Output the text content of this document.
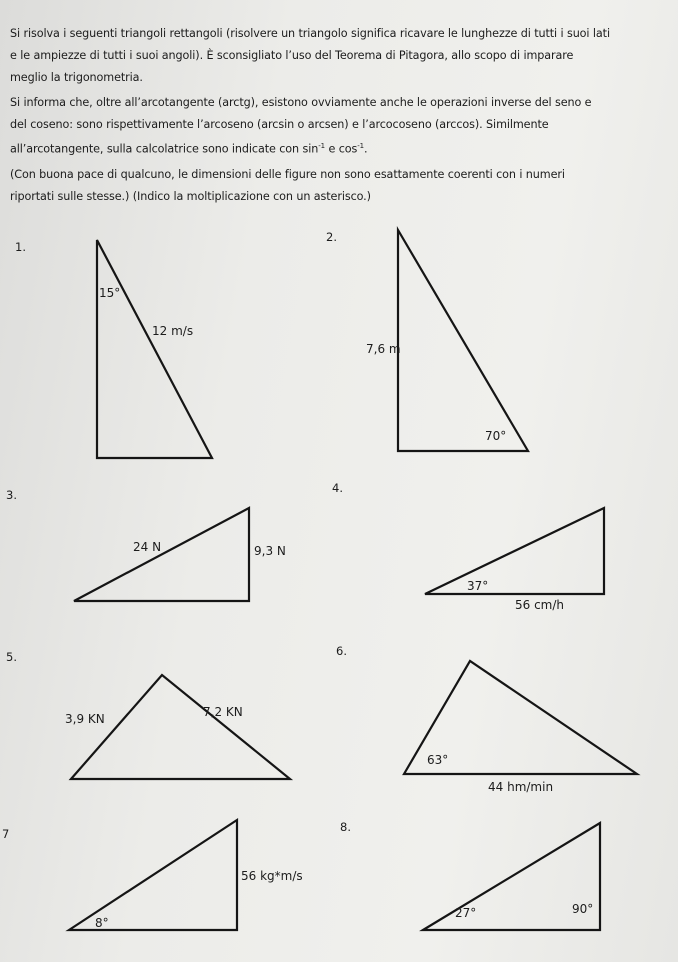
Si risolva i seguenti triangoli rettangoli (risolvere un triangolo significa ricavare le lunghezze di tutti i suoi lati

e le ampiezze di tutti i suoi angoli). È sconsigliato l’uso del Teorema di Pitagora, allo scopo di imparare

meglio la trigonometria.

Si informa che, oltre all’arcotangente (arctg), esistono ovviamente anche le operazioni inverse del seno e

del coseno: sono rispettivamente l’arcoseno (arcsin o arcsen) e l’arcocoseno (arccos). Similmente

all’arcotangente, sulla calcolatrice sono indicate con $\sin^{-1} e$ $\cos^{-1}$.

(Con buona pace di qualcuno, le dimensioni delle figure non sono esattamente coerenti con i numeri

riportati sulle stesse.) (Indico la moltiplicazione con un asterisco.)

1.
2.
3.	4.
5.	6.
7	8.
15°
12 m/s
7,6 m
70°
24 N	9,3 N
37°
56 cm/h
3,9 KN	7,2 KN
63°
44 hm/min
56 kg*m/s
8°
27°	90°
